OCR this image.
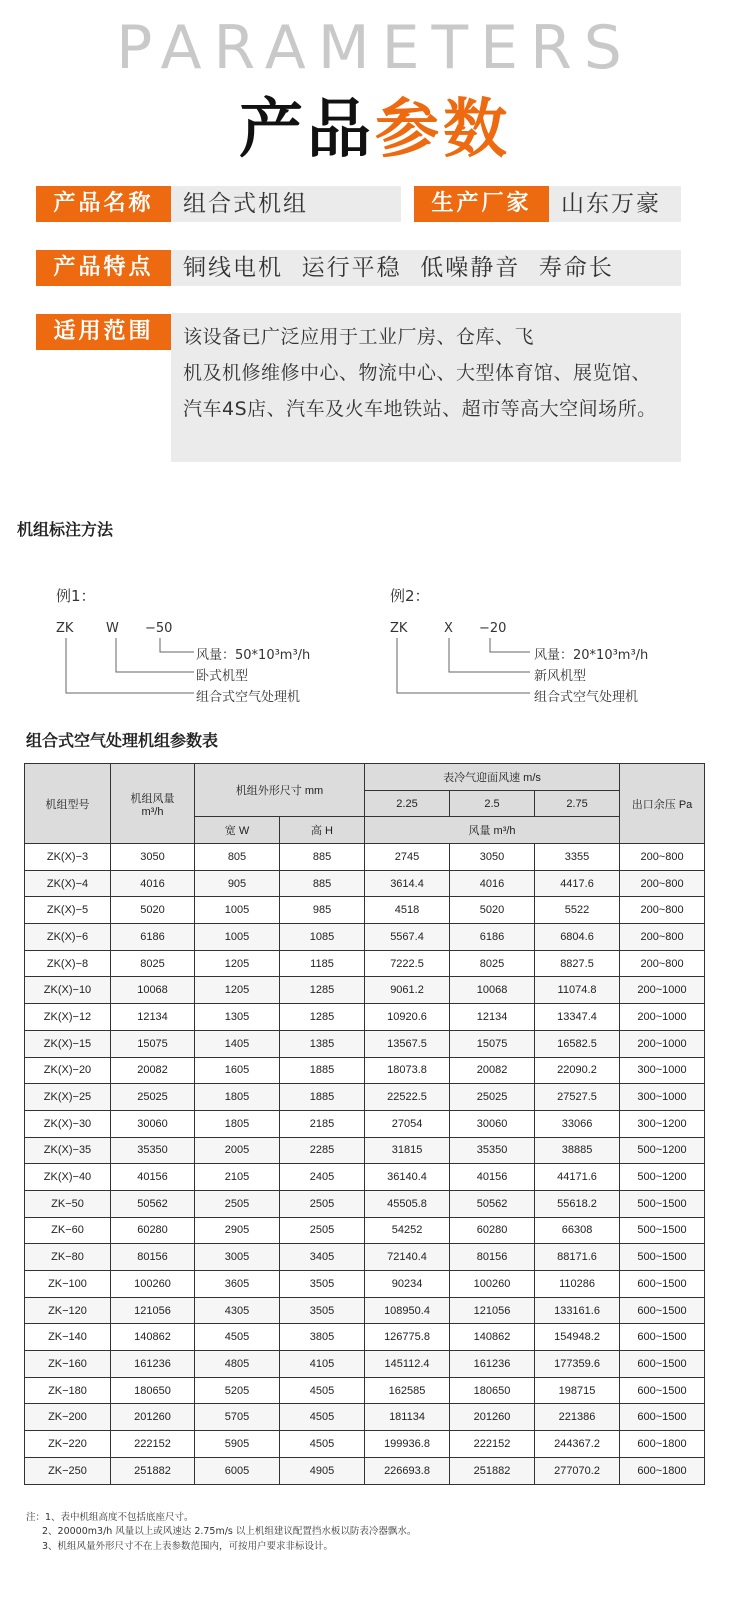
PARAMETERS
产品参数
产品名称	组合式机组	生产厂家	山东万豪
产品特点	铜线电机  运行平稳  低噪静音  寿命长
适用范围	该设备已广泛应用于工业厂房、仓库、飞
机及机修维修中心、物流中心、大型体育馆、展览馆、
汽车4S店、汽车及火车地铁站、超市等高大空间场所。
机组标注方法
例1：
ZK	W −50
风量：50*10³m³/h
卧式机型
组合式空气处理机
例2：
ZK	X −20
风量：20*10³m³/h
新风机型
组合式空气处理机
组合式空气处理机组参数表
机组型号	机组风量
m³/h	机组外形尺寸 mm		表冷气迎面风速 m/s			出口余压 Pa
				2.25	2.5	2.75	
		宽 W	高 H	风量 m³/h			
ZK(X)−3	3050	805	885	2745	3050	3355	200~800
ZK(X)−4	4016	905	885	3614.4	4016	4417.6	200~800
ZK(X)−5	5020	1005	985	4518	5020	5522	200~800
ZK(X)−6	6186	1005	1085	5567.4	6186	6804.6	200~800
ZK(X)−8	8025	1205	1185	7222.5	8025	8827.5	200~800
ZK(X)−10	10068	1205	1285	9061.2	10068	11074.8	200~1000
ZK(X)−12	12134	1305	1285	10920.6	12134	13347.4	200~1000
ZK(X)−15	15075	1405	1385	13567.5	15075	16582.5	200~1000
ZK(X)−20	20082	1605	1885	18073.8	20082	22090.2	300~1000
ZK(X)−25	25025	1805	1885	22522.5	25025	27527.5	300~1000
ZK(X)−30	30060	1805	2185	27054	30060	33066	300~1200
ZK(X)−35	35350	2005	2285	31815	35350	38885	500~1200
ZK(X)−40	40156	2105	2405	36140.4	40156	44171.6	500~1200
ZK−50	50562	2505	2505	45505.8	50562	55618.2	500~1500
ZK−60	60280	2905	2505	54252	60280	66308	500~1500
ZK−80	80156	3005	3405	72140.4	80156	88171.6	500~1500
ZK−100	100260	3605	3505	90234	100260	110286	600~1500
ZK−120	121056	4305	3505	108950.4	121056	133161.6	600~1500
ZK−140	140862	4505	3805	126775.8	140862	154948.2	600~1500
ZK−160	161236	4805	4105	145112.4	161236	177359.6	600~1500
ZK−180	180650	5205	4505	162585	180650	198715	600~1500
ZK−200	201260	5705	4505	181134	201260	221386	600~1500
ZK−220	222152	5905	4505	199936.8	222152	244367.2	600~1800
ZK−250	251882	6005	4905	226693.8	251882	277070.2	600~1800
注：1、表中机组高度不包括底座尺寸。
2、20000m3/h 风量以上或风速达 2.75m/s 以上机组建议配置挡水板以防表冷器飘水。
3、机组风量外形尺寸不在上表参数范围内，可按用户要求非标设计。
